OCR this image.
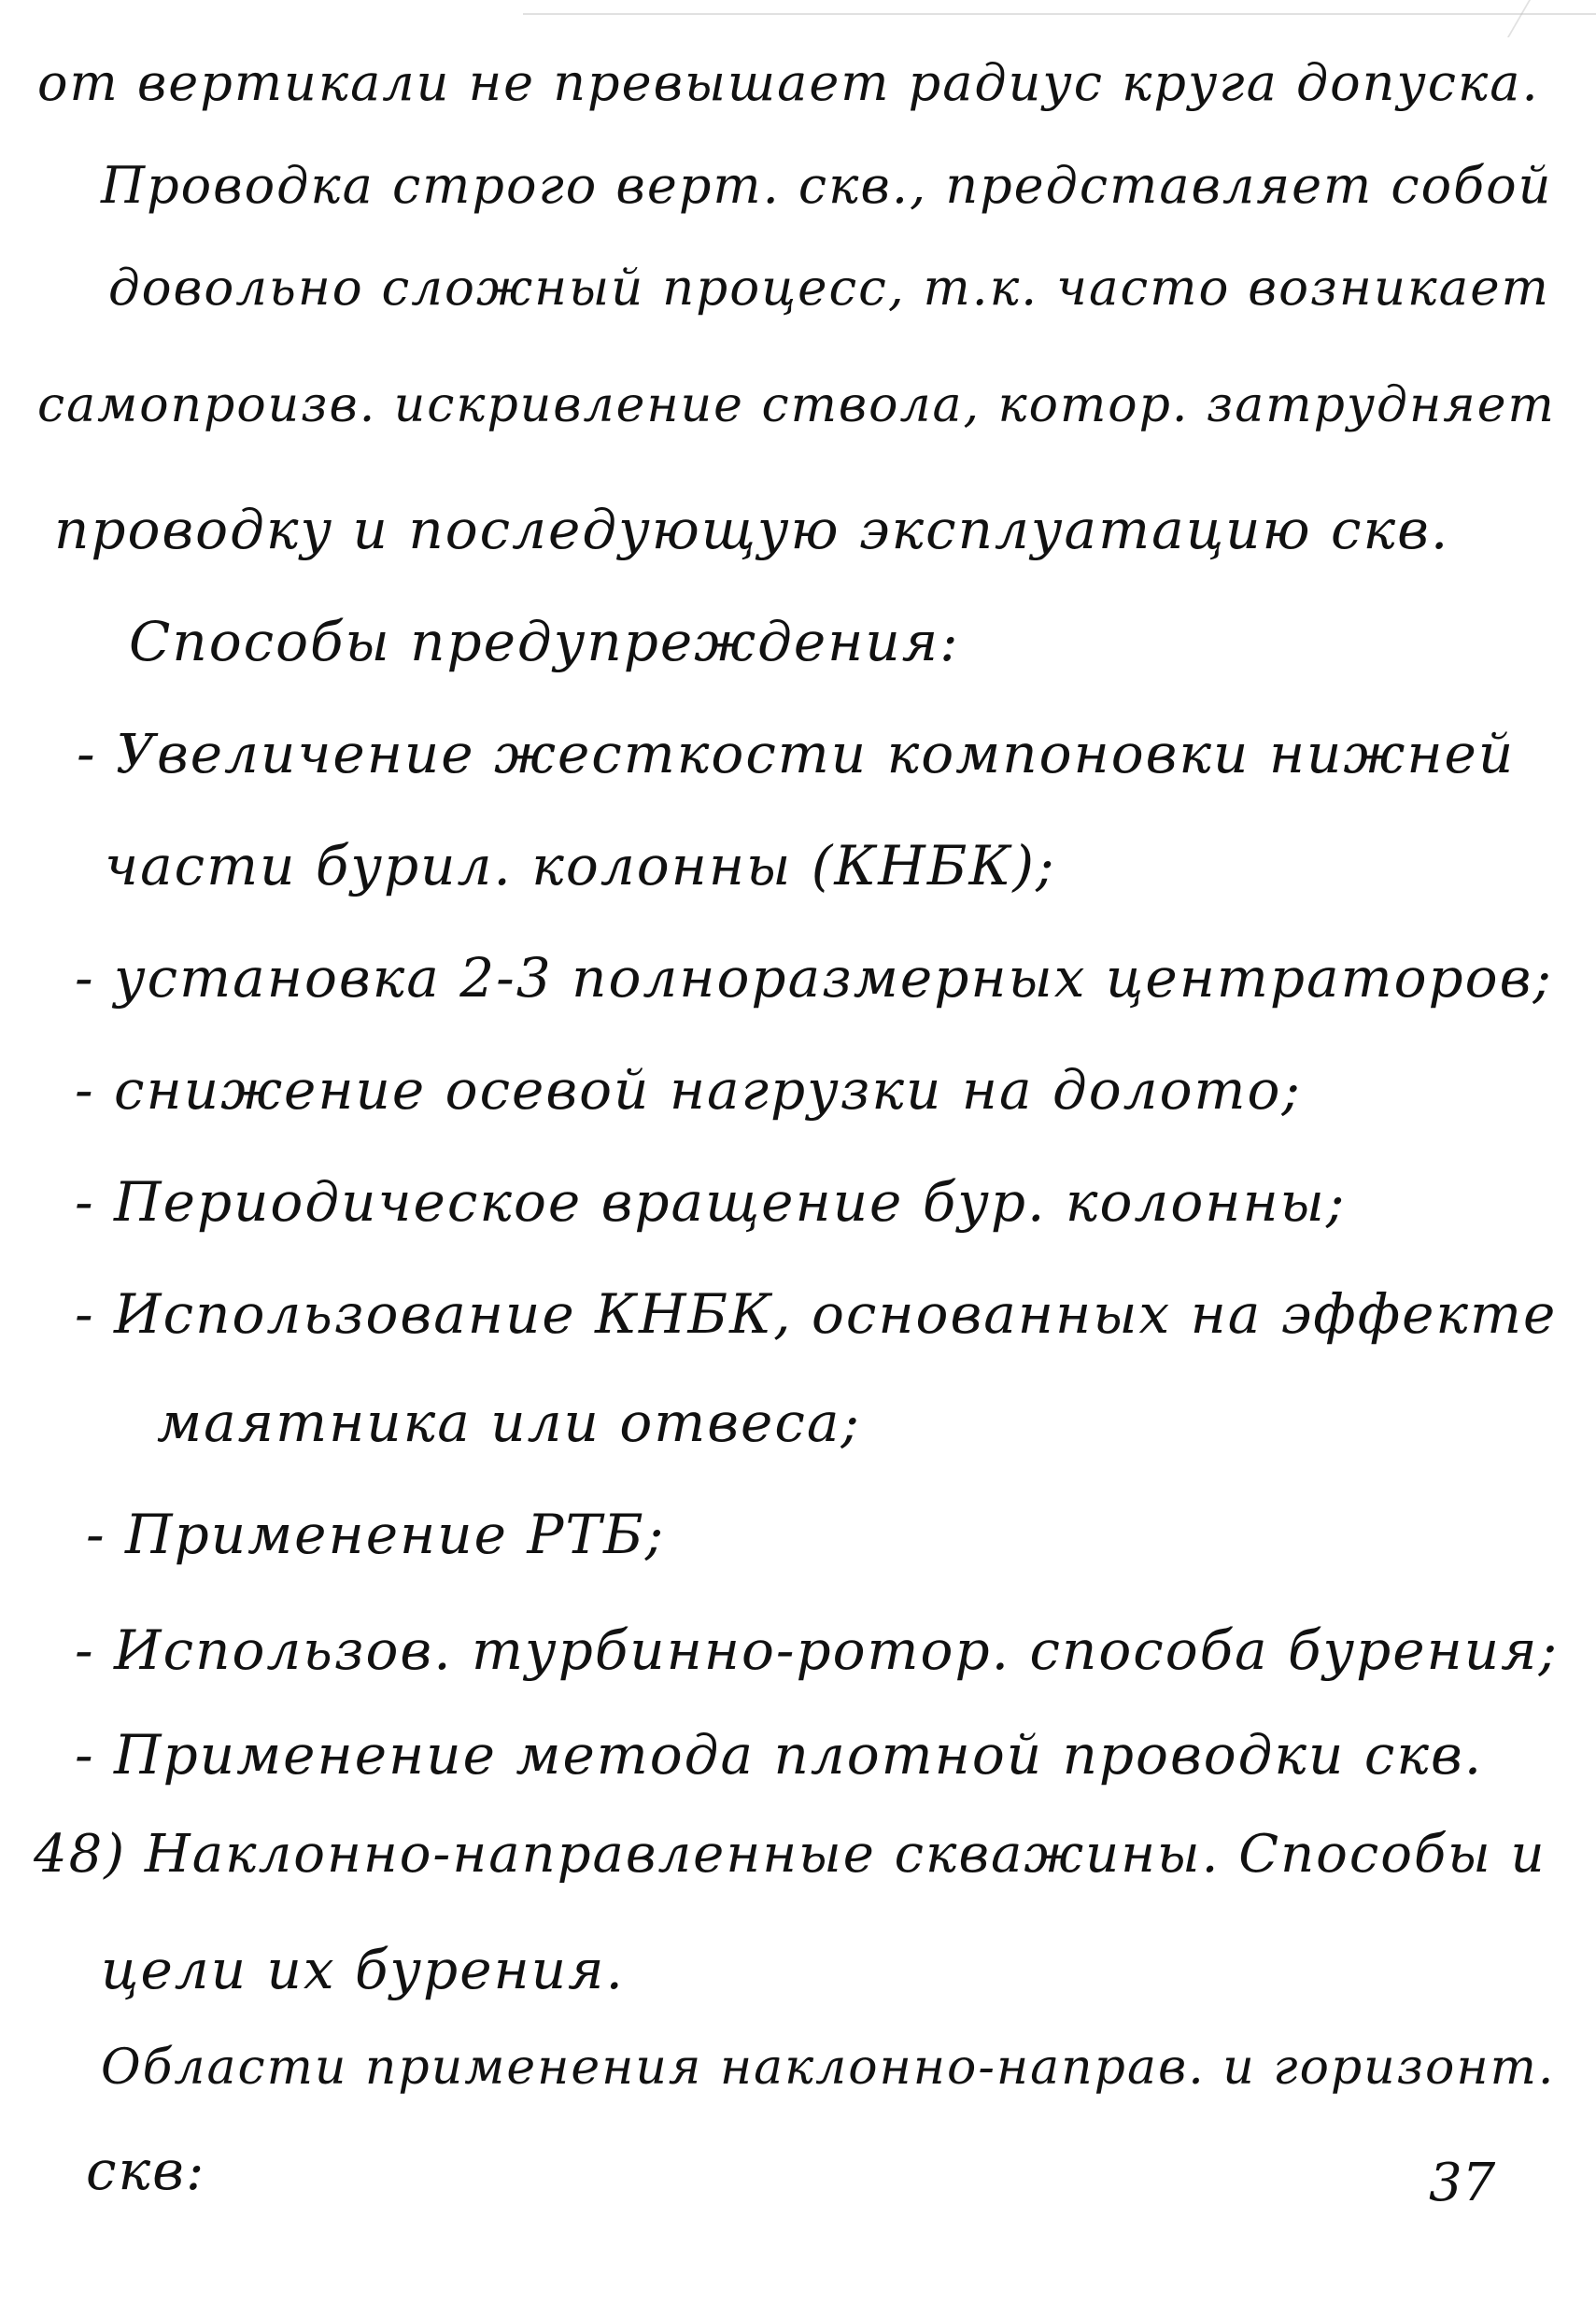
от вертикали не превышает радиус круга допуска.
Проводка строго верт. скв., представляет собой
довольно сложный процесс, т.к. часто возникает
самопроизв. искривление ствола, котор. затрудняет
проводку и последующую эксплуатацию скв.
Способы предупреждения:
- Увеличение жесткости компоновки нижней
части бурил. колонны (КНБК);
- установка 2-3 полноразмерных центраторов;
- снижение осевой нагрузки на долото;
- Периодическое вращение бур. колонны;
- Использование КНБК, основанных на эффекте
маятника или отвеса;
- Применение РТБ;
- Использов. турбинно-ротор. способа бурения;
- Применение метода плотной проводки скв.
48) Наклонно-направленные скважины. Способы и
цели их бурения.
Области применения наклонно-направ. и горизонт.
скв:	37
